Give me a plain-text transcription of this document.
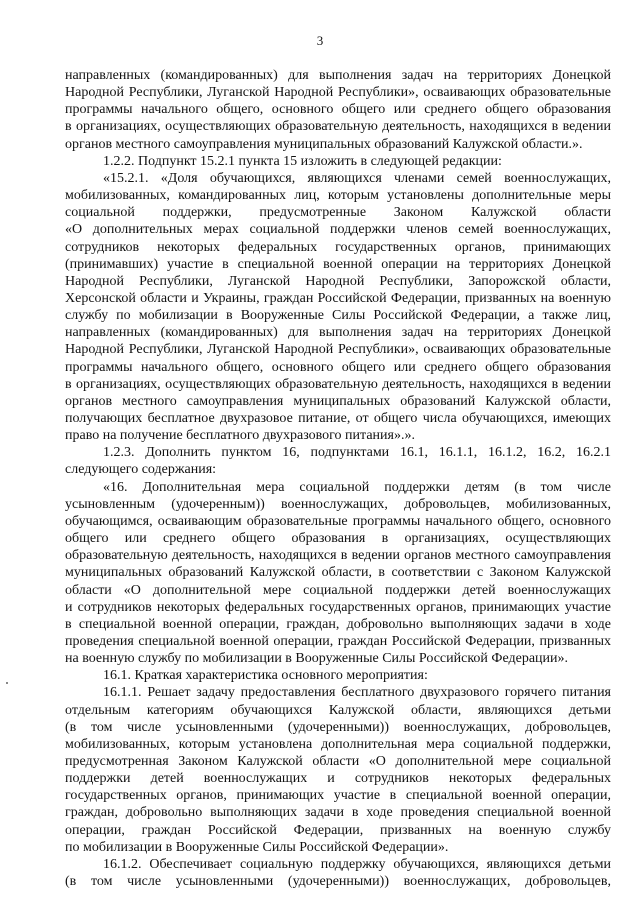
3
направленных (командированных) для выполнения задач на территориях Донецкой
Народной Республики, Луганской Народной Республики», осваивающих образовательные
программы начального общего, основного общего или среднего общего образования
в организациях, осуществляющих образовательную деятельность, находящихся в ведении
органов местного самоуправления муниципальных образований Калужской области.».
1.2.2. Подпункт 15.2.1 пункта 15 изложить в следующей редакции:
«15.2.1. «Доля обучающихся, являющихся членами семей военнослужащих,
мобилизованных, командированных лиц, которым установлены дополнительные меры
социальной поддержки, предусмотренные Законом Калужской области
«О дополнительных мерах социальной поддержки членов семей военнослужащих,
сотрудников некоторых федеральных государственных органов, принимающих
(принимавших) участие в специальной военной операции на территориях Донецкой
Народной Республики, Луганской Народной Республики, Запорожской области,
Херсонской области и Украины, граждан Российской Федерации, призванных на военную
службу по мобилизации в Вооруженные Силы Российской Федерации, а также лиц,
направленных (командированных) для выполнения задач на территориях Донецкой
Народной Республики, Луганской Народной Республики», осваивающих образовательные
программы начального общего, основного общего или среднего общего образования
в организациях, осуществляющих образовательную деятельность, находящихся в ведении
органов местного самоуправления муниципальных образований Калужской области,
получающих бесплатное двухразовое питание, от общего числа обучающихся, имеющих
право на получение бесплатного двухразового питания».».
1.2.3. Дополнить пунктом 16, подпунктами 16.1, 16.1.1, 16.1.2, 16.2, 16.2.1
следующего содержания:
«16. Дополнительная мера социальной поддержки детям (в том числе
усыновленным (удочеренным)) военнослужащих, добровольцев, мобилизованных,
обучающимся, осваивающим образовательные программы начального общего, основного
общего или среднего общего образования в организациях, осуществляющих
образовательную деятельность, находящихся в ведении органов местного самоуправления
муниципальных образований Калужской области, в соответствии с Законом Калужской
области «О дополнительной мере социальной поддержки детей военнослужащих
и сотрудников некоторых федеральных государственных органов, принимающих участие
в специальной военной операции, граждан, добровольно выполняющих задачи в ходе
проведения специальной военной операции, граждан Российской Федерации, призванных
на военную службу по мобилизации в Вооруженные Силы Российской Федерации».
16.1. Краткая характеристика основного мероприятия:
16.1.1. Решает задачу предоставления бесплатного двухразового горячего питания
отдельным категориям обучающихся Калужской области, являющихся детьми
(в том числе усыновленными (удочеренными)) военнослужащих, добровольцев,
мобилизованных, которым установлена дополнительная мера социальной поддержки,
предусмотренная Законом Калужской области «О дополнительной мере социальной
поддержки детей военнослужащих и сотрудников некоторых федеральных
государственных органов, принимающих участие в специальной военной операции,
граждан, добровольно выполняющих задачи в ходе проведения специальной военной
операции, граждан Российской Федерации, призванных на военную службу
по мобилизации в Вооруженные Силы Российской Федерации».
16.1.2. Обеспечивает социальную поддержку обучающихся, являющихся детьми
(в том числе усыновленными (удочеренными)) военнослужащих, добровольцев,
